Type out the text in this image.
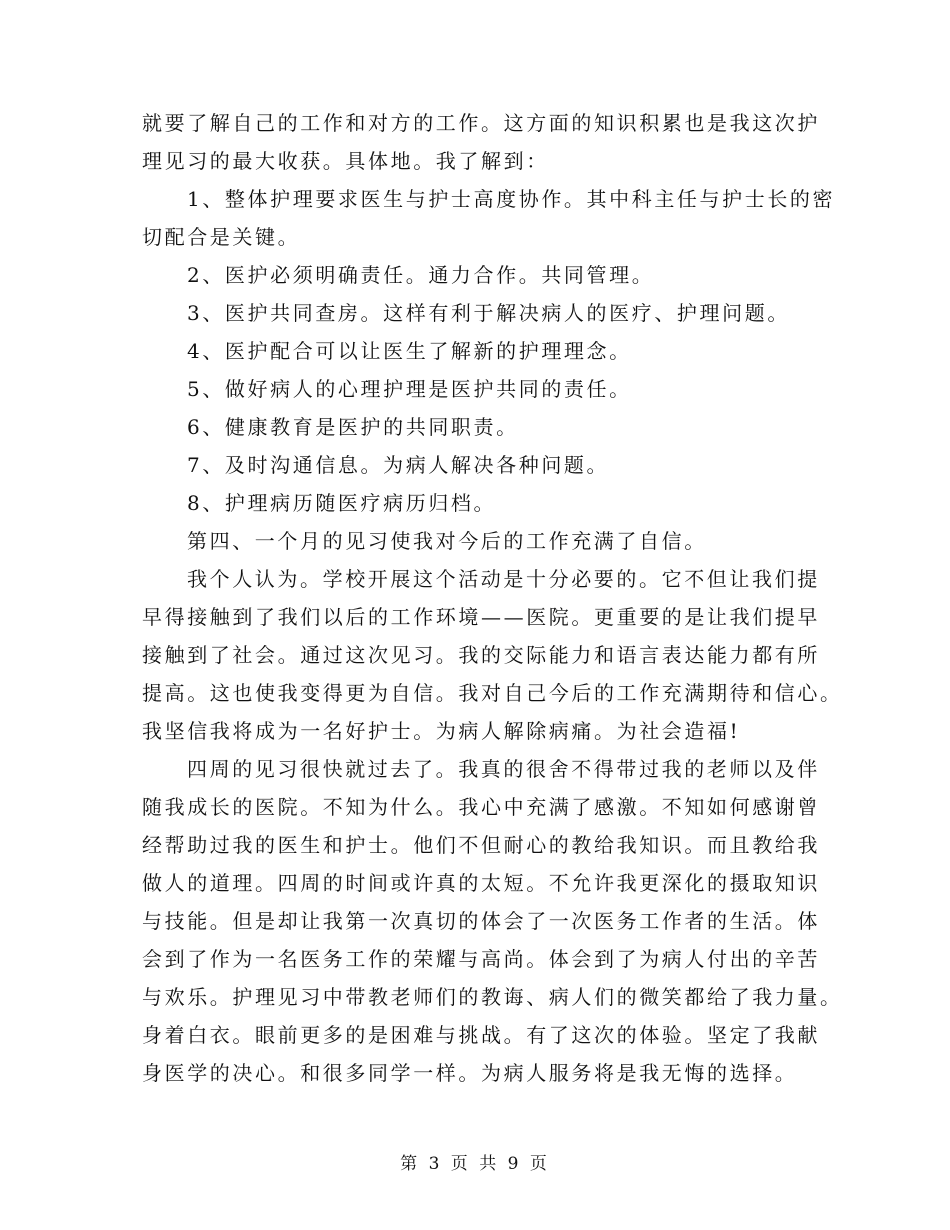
就要了解自己的工作和对方的工作。这方面的知识积累也是我这次护
理见习的最大收获。具体地。我了解到：
1、整体护理要求医生与护士高度协作。其中科主任与护士长的密
切配合是关键。
2、医护必须明确责任。通力合作。共同管理。
3、医护共同查房。这样有利于解决病人的医疗、护理问题。
4、医护配合可以让医生了解新的护理理念。
5、做好病人的心理护理是医护共同的责任。
6、健康教育是医护的共同职责。
7、及时沟通信息。为病人解决各种问题。
8、护理病历随医疗病历归档。
第四、一个月的见习使我对今后的工作充满了自信。
我个人认为。学校开展这个活动是十分必要的。它不但让我们提
早得接触到了我们以后的工作环境——医院。更重要的是让我们提早
接触到了社会。通过这次见习。我的交际能力和语言表达能力都有所
提高。这也使我变得更为自信。我对自己今后的工作充满期待和信心。
我坚信我将成为一名好护士。为病人解除病痛。为社会造福!
四周的见习很快就过去了。我真的很舍不得带过我的老师以及伴
随我成长的医院。不知为什么。我心中充满了感激。不知如何感谢曾
经帮助过我的医生和护士。他们不但耐心的教给我知识。而且教给我
做人的道理。四周的时间或许真的太短。不允许我更深化的摄取知识
与技能。但是却让我第一次真切的体会了一次医务工作者的生活。体
会到了作为一名医务工作的荣耀与高尚。体会到了为病人付出的辛苦
与欢乐。护理见习中带教老师们的教诲、病人们的微笑都给了我力量。
身着白衣。眼前更多的是困难与挑战。有了这次的体验。坚定了我献
身医学的决心。和很多同学一样。为病人服务将是我无悔的选择。
第 3 页 共 9 页
